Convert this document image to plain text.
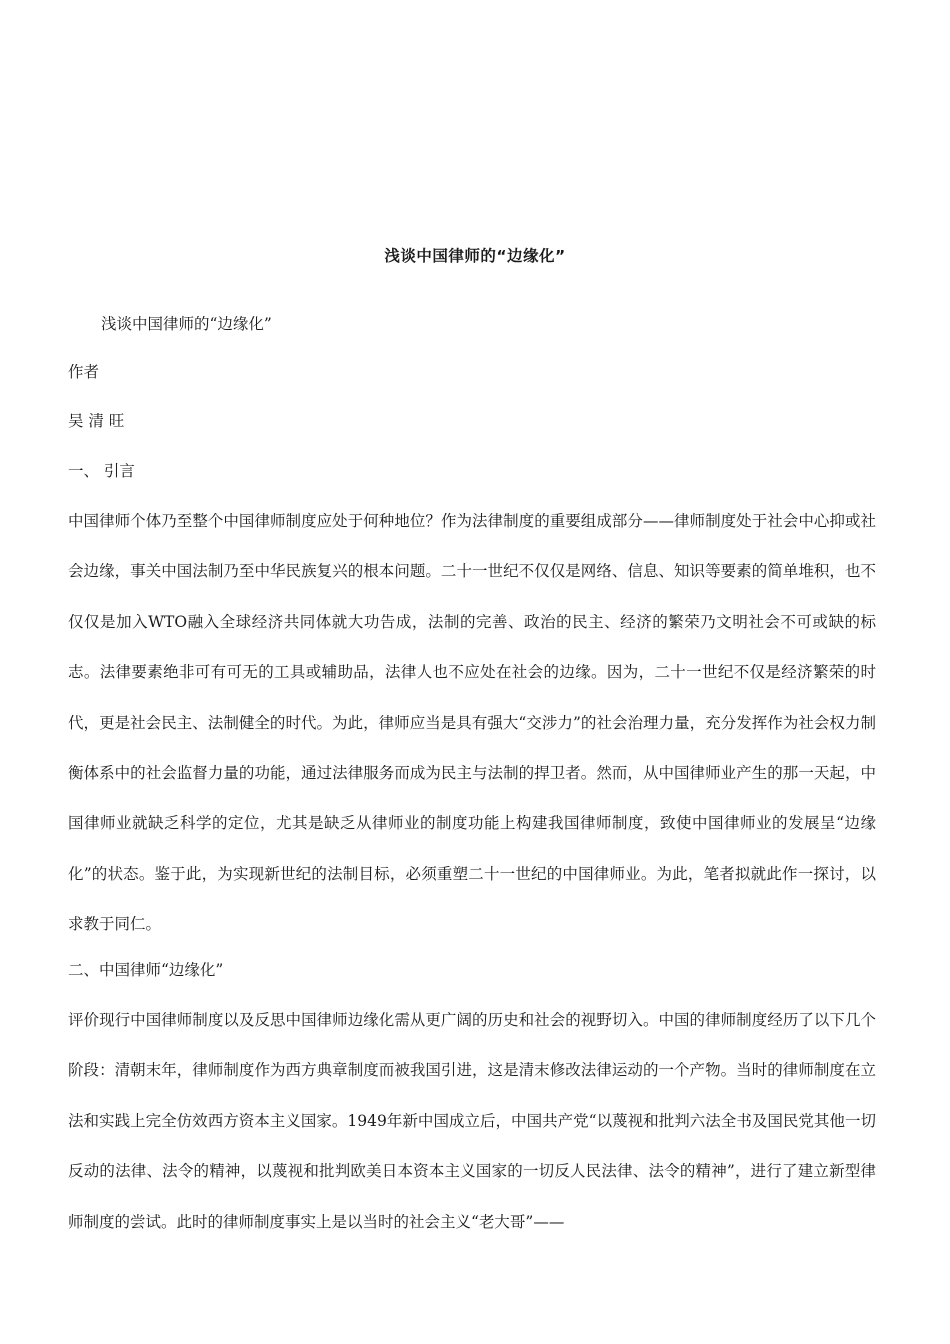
浅谈中国律师的“边缘化”
浅谈中国律师的“边缘化”
作者
吴 清 旺
一、 引言
中国律师个体乃至整个中国律师制度应处于何种地位？作为法律制度的重要组成部分——律师制度处于社会中心抑或社会边缘，事关中国法制乃至中华民族复兴的根本问题。二十一世纪不仅仅是网络、信息、知识等要素的简单堆积，也不仅仅是加入WTO融入全球经济共同体就大功告成，法制的完善、政治的民主、经济的繁荣乃文明社会不可或缺的标志。法律要素绝非可有可无的工具或辅助品，法律人也不应处在社会的边缘。因为，二十一世纪不仅是经济繁荣的时代，更是社会民主、法制健全的时代。为此，律师应当是具有强大“交涉力”的社会治理力量，充分发挥作为社会权力制衡体系中的社会监督力量的功能，通过法律服务而成为民主与法制的捍卫者。然而，从中国律师业产生的那一天起，中国律师业就缺乏科学的定位，尤其是缺乏从律师业的制度功能上构建我国律师制度，致使中国律师业的发展呈“边缘化”的状态。鉴于此，为实现新世纪的法制目标，必须重塑二十一世纪的中国律师业。为此，笔者拟就此作一探讨，以求教于同仁。
二、中国律师“边缘化”
评价现行中国律师制度以及反思中国律师边缘化需从更广阔的历史和社会的视野切入。中国的律师制度经历了以下几个阶段：清朝末年，律师制度作为西方典章制度而被我国引进，这是清末修改法律运动的一个产物。当时的律师制度在立法和实践上完全仿效西方资本主义国家。1949年新中国成立后，中国共产党“以蔑视和批判六法全书及国民党其他一切反动的法律、法令的精神，以蔑视和批判欧美日本资本主义国家的一切反人民法律、法令的精神”，进行了建立新型律师制度的尝试。此时的律师制度事实上是以当时的社会主义“老大哥”——
